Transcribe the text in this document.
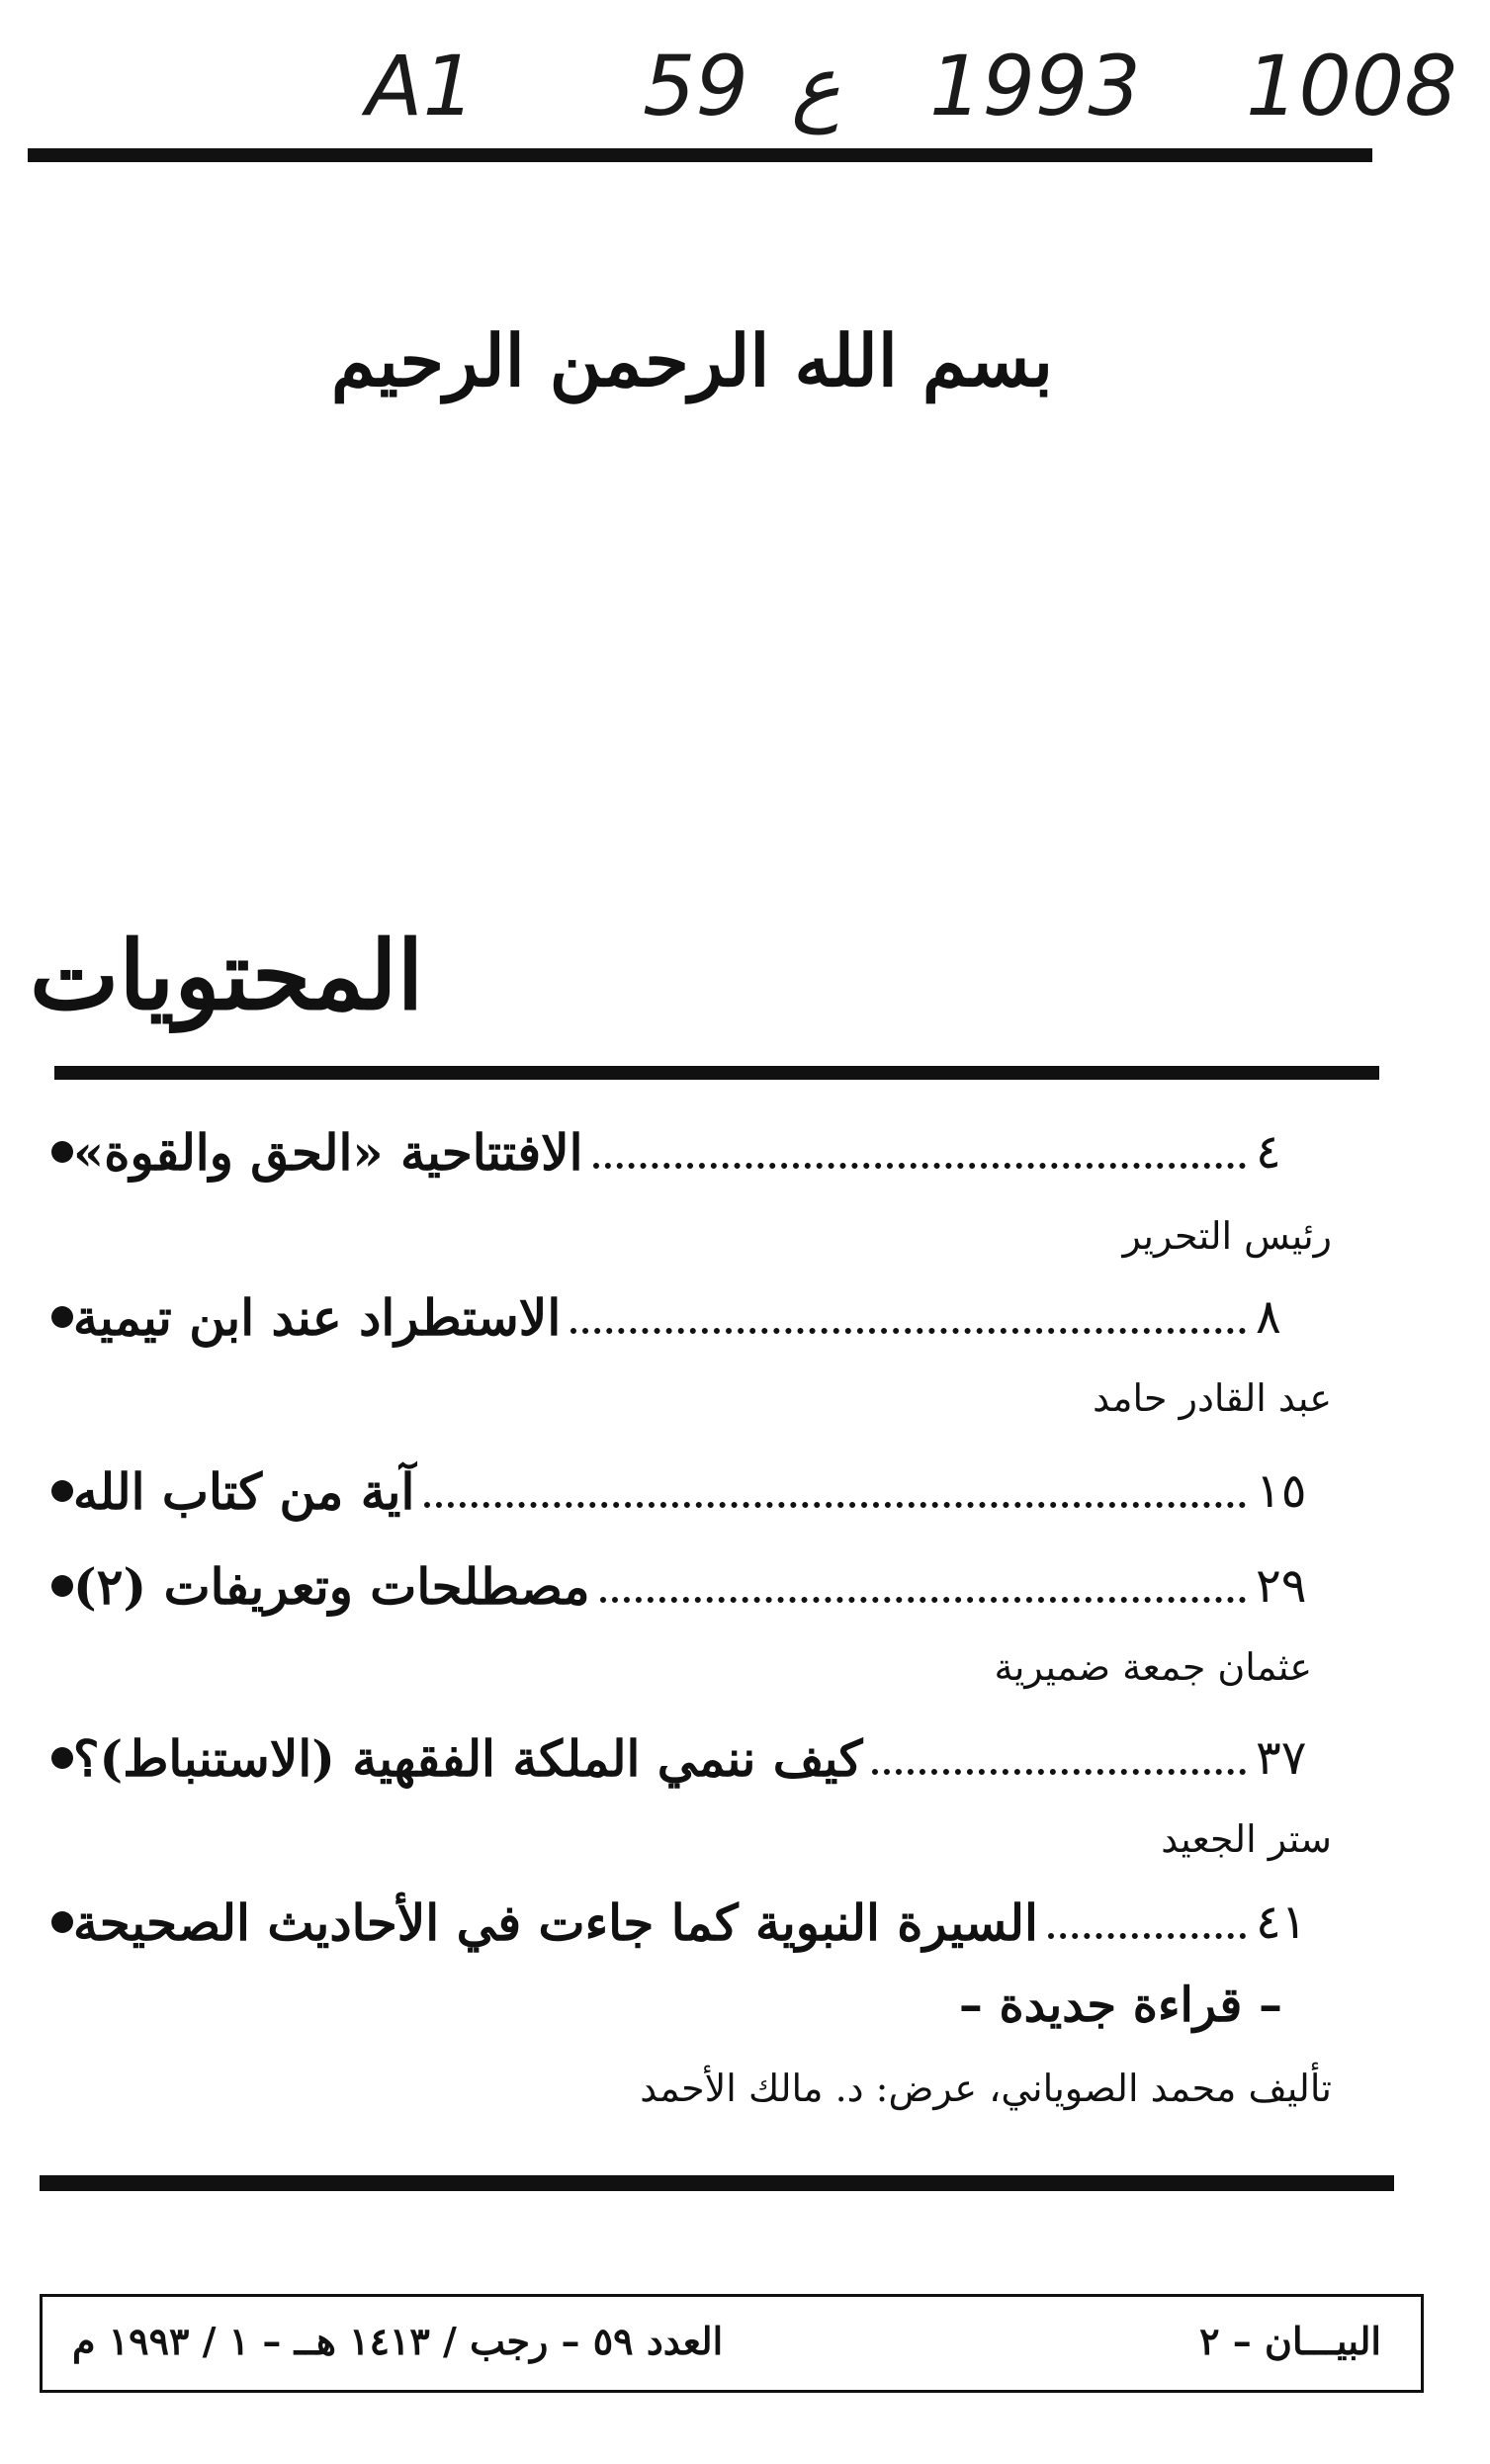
A1 59 ع 1993 1008
بسم الله الرحمن الرحيم
المحتويات
الافتتاحية «الحق والقوة»	٤
رئيس التحرير
الاستطراد عند ابن تيمية	٨
عبد القادر حامد
آية من كتاب الله	١٥
مصطلحات وتعريفات (٢)	٢٩
عثمان جمعة ضميرية
كيف ننمي الملكة الفقهية (الاستنباط)؟	٣٧
ستر الجعيد
السيرة النبوية كما جاءت في الأحاديث الصحيحة	٤١
– قراءة جديدة –
تأليف محمد الصوياني، عرض: د. مالك الأحمد
البيـــان – ٢
العدد ٥٩ – رجب / ١٤١٣ هــ – ١ / ١٩٩٣ م
